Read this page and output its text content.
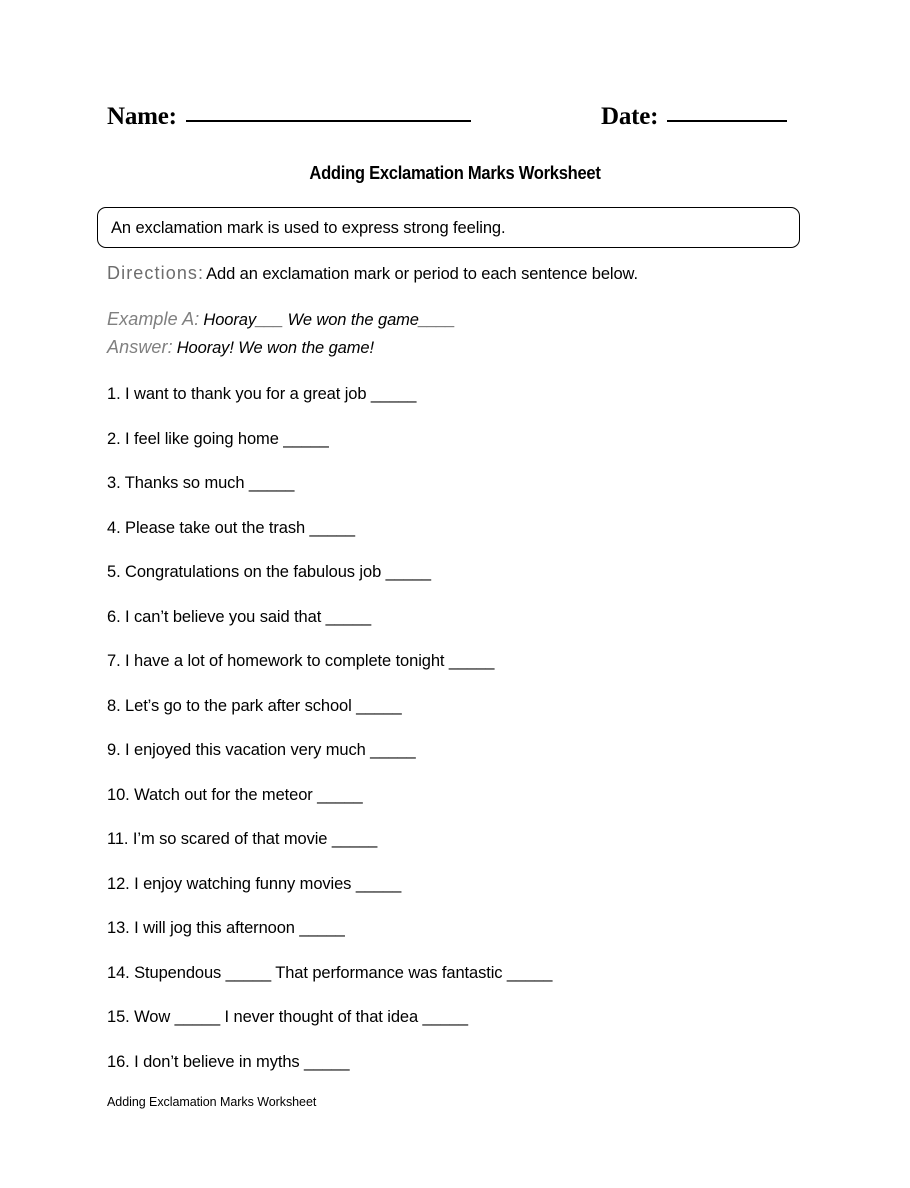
Name:	Date:
Adding Exclamation Marks Worksheet
An exclamation mark is used to express strong feeling.
Directions: Add an exclamation mark or period to each sentence below.
Example A: Hooray___ We won the game____
Answer: Hooray! We won the game!
1. I want to thank you for a great job _____
2. I feel like going home _____
3. Thanks so much _____
4. Please take out the trash _____
5. Congratulations on the fabulous job _____
6. I can’t believe you said that _____
7. I have a lot of homework to complete tonight _____
8. Let’s go to the park after school _____
9. I enjoyed this vacation very much _____
10. Watch out for the meteor _____
11. I’m so scared of that movie _____
12. I enjoy watching funny movies _____
13. I will jog this afternoon _____
14. Stupendous _____ That performance was fantastic _____
15. Wow _____ I never thought of that idea _____
16. I don’t believe in myths _____
Adding Exclamation Marks Worksheet
